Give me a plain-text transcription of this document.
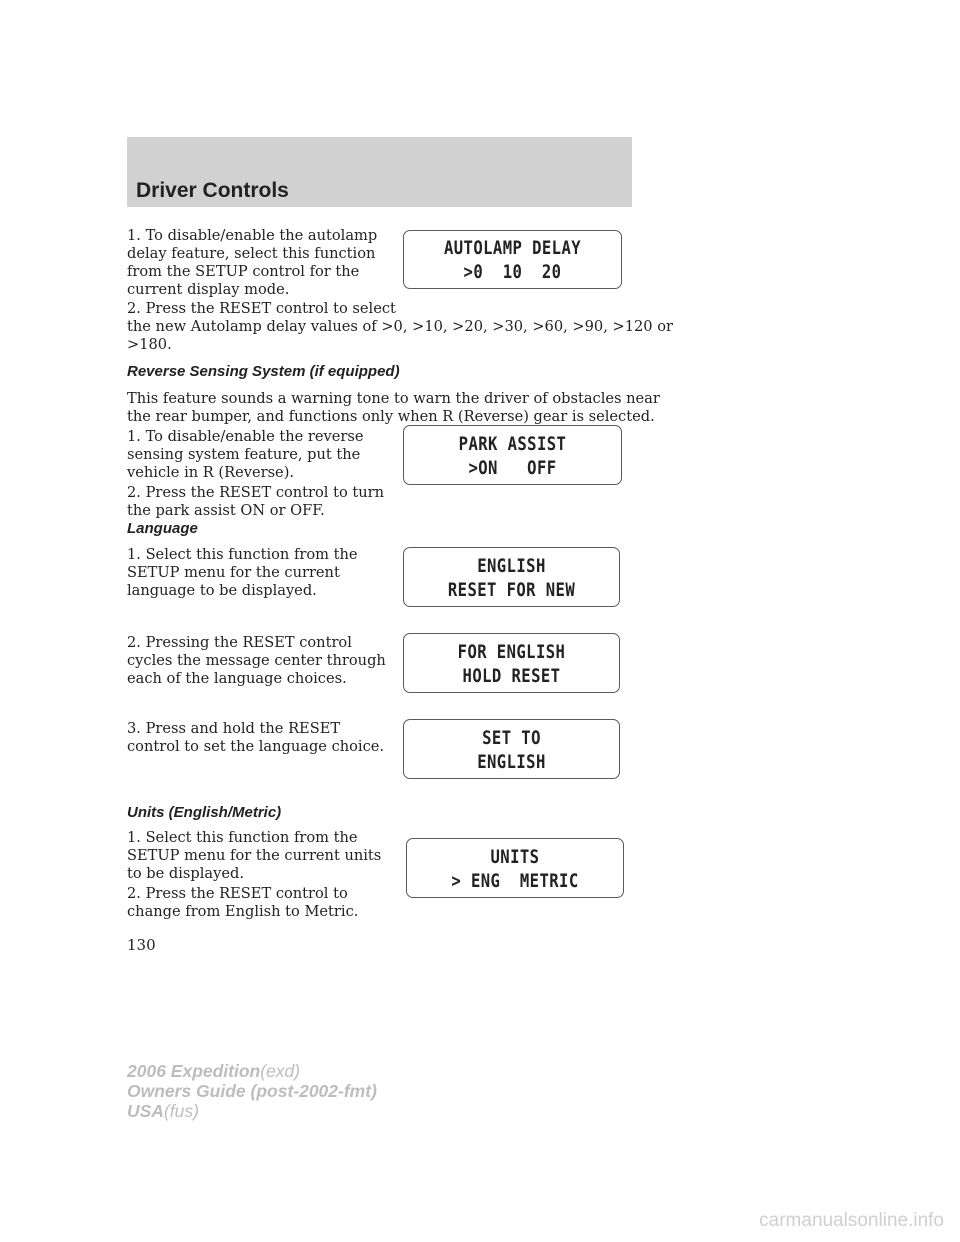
Driver Controls

1. To disable/enable the autolamp
delay feature, select this function
from the SETUP control for the
current display mode.

2. Press the RESET control to select

the new Autolamp delay values of >0, >10, >20, >30, >60, >90, >120 or
>180.

AUTOLAMP DELAY
>0  10  20

Reverse Sensing System (if equipped)

This feature sounds a warning tone to warn the driver of obstacles near
the rear bumper, and functions only when R (Reverse) gear is selected.

1. To disable/enable the reverse
sensing system feature, put the
vehicle in R (Reverse).

2. Press the RESET control to turn
the park assist ON or OFF.

PARK ASSIST
>ON   OFF

Language

1. Select this function from the
SETUP menu for the current
language to be displayed.

2. Pressing the RESET control
cycles the message center through
each of the language choices.

3. Press and hold the RESET
control to set the language choice.

ENGLISH
RESET FOR NEW
FOR ENGLISH
HOLD RESET
SET TO
ENGLISH

Units (English/Metric)

1. Select this function from the
SETUP menu for the current units
to be displayed.

2. Press the RESET control to
change from English to Metric.

UNITS
> ENG  METRIC
130
2006 Expedition(exd)
Owners Guide (post-2002-fmt)
USA(fus)
carmanualsonline.info
